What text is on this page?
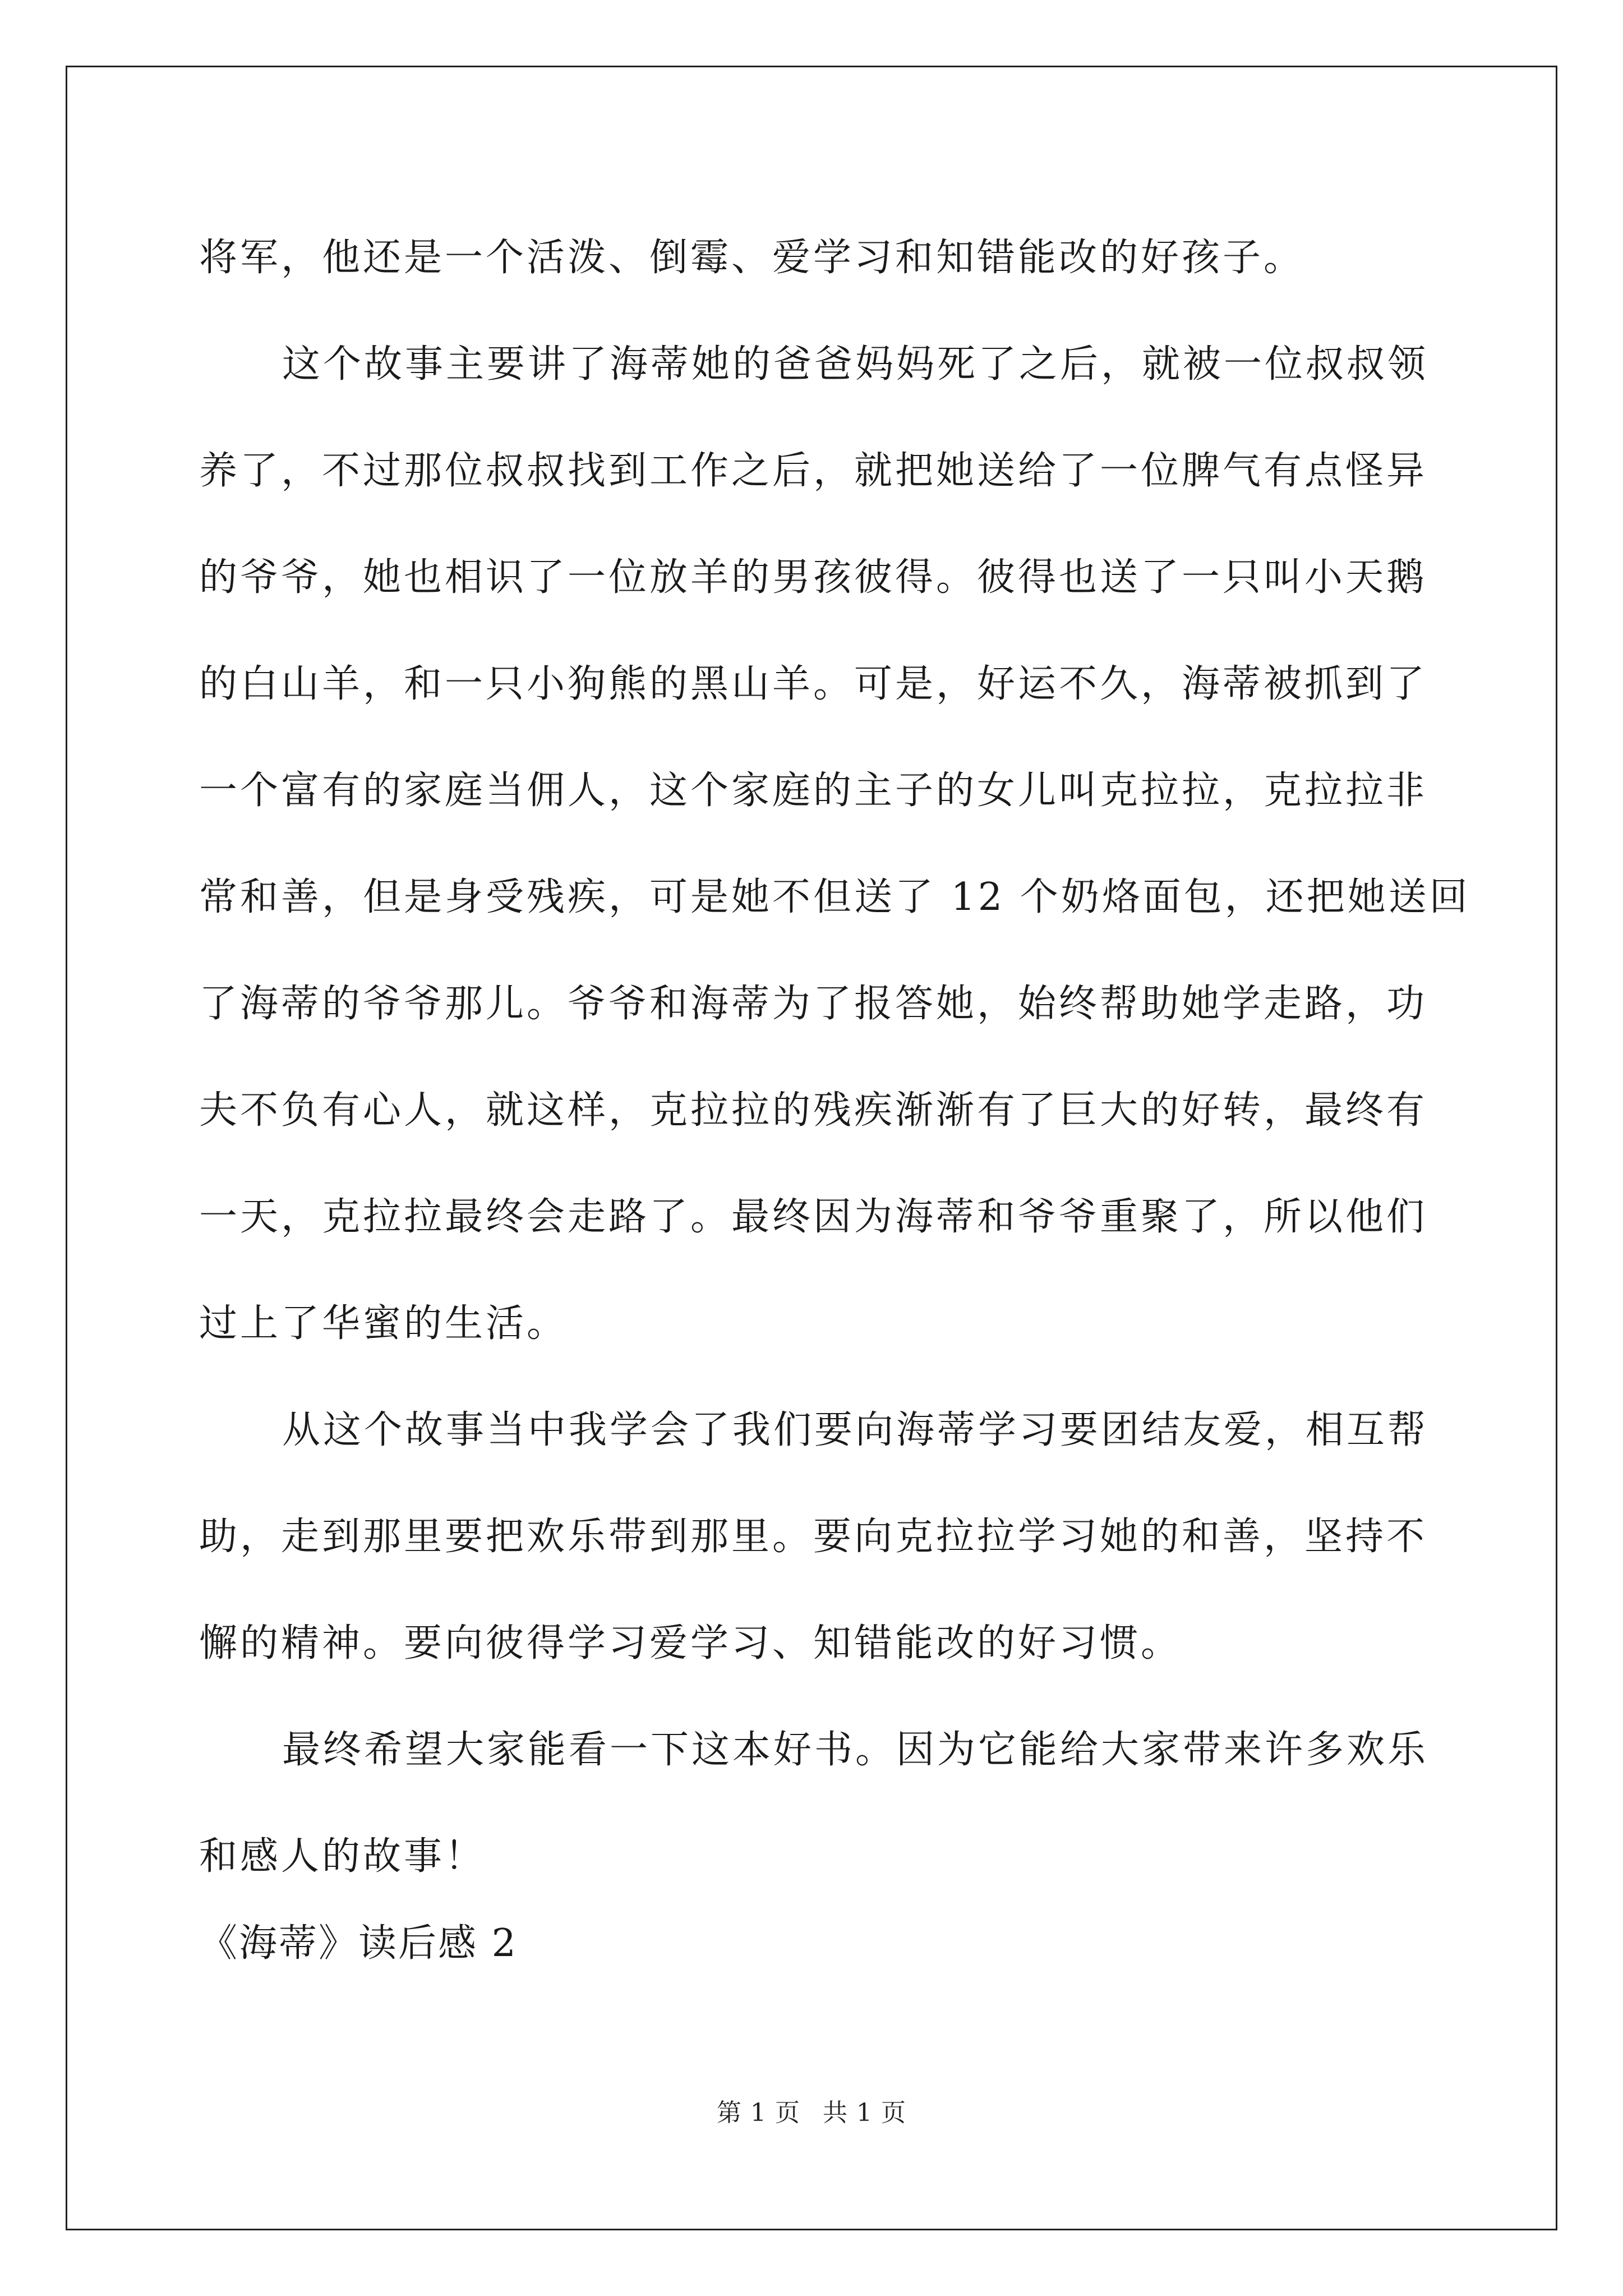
将军，他还是一个活泼、倒霉、爱学习和知错能改的好孩子。
这个故事主要讲了海蒂她的爸爸妈妈死了之后，就被一位叔叔领
养了，不过那位叔叔找到工作之后，就把她送给了一位脾气有点怪异
的爷爷，她也相识了一位放羊的男孩彼得。彼得也送了一只叫小天鹅
的白山羊，和一只小狗熊的黑山羊。可是，好运不久，海蒂被抓到了
一个富有的家庭当佣人，这个家庭的主子的女儿叫克拉拉，克拉拉非
常和善，但是身受残疾，可是她不但送了 12 个奶烙面包，还把她送回
了海蒂的爷爷那儿。爷爷和海蒂为了报答她，始终帮助她学走路，功
夫不负有心人，就这样，克拉拉的残疾渐渐有了巨大的好转，最终有
一天，克拉拉最终会走路了。最终因为海蒂和爷爷重聚了，所以他们
过上了华蜜的生活。
从这个故事当中我学会了我们要向海蒂学习要团结友爱，相互帮
助，走到那里要把欢乐带到那里。要向克拉拉学习她的和善，坚持不
懈的精神。要向彼得学习爱学习、知错能改的好习惯。
最终希望大家能看一下这本好书。因为它能给大家带来许多欢乐
和感人的故事！
《海蒂》读后感 2
第 1 页 共 1 页
